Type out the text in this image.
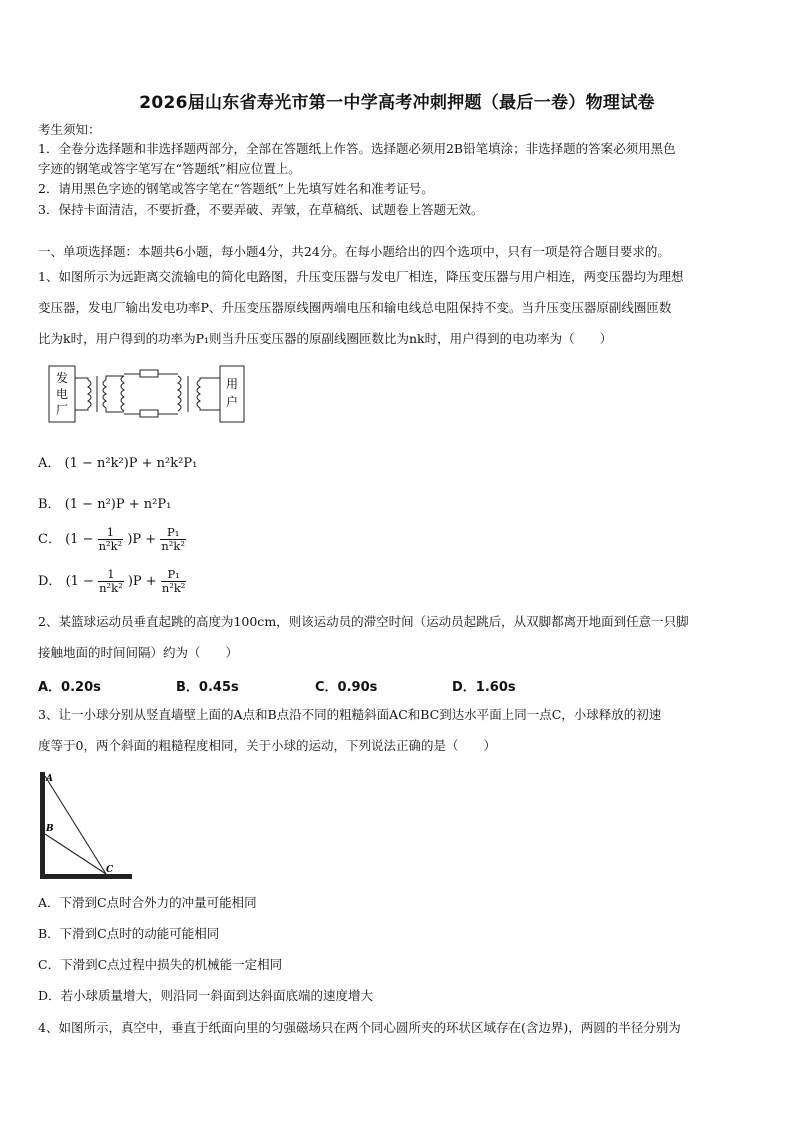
2026届山东省寿光市第一中学高考冲刺押题（最后一卷）物理试卷
考生须知：
1．全卷分选择题和非选择题两部分，全部在答题纸上作答。选择题必须用2B铅笔填涂；非选择题的答案必须用黑色
字迹的钢笔或答字笔写在“答题纸”相应位置上。
2．请用黑色字迹的钢笔或答字笔在“答题纸”上先填写姓名和准考证号。
3．保持卡面清洁，不要折叠，不要弄破、弄皱，在草稿纸、试题卷上答题无效。
一、单项选择题：本题共6小题，每小题4分，共24分。在每小题给出的四个选项中，只有一项是符合题目要求的。
1、如图所示为远距离交流输电的简化电路图，升压变压器与发电厂相连，降压变压器与用户相连，两变压器均为理想
变压器，发电厂输出发电功率P、升压变压器原线圈两端电压和输电线总电阻保持不变。当升压变压器原副线圈匝数
比为k时，用户得到的功率为P₁则当升压变压器的原副线圈匝数比为nk时，用户得到的电功率为（　　）
发
电
厂
用
户
A． (1 − n²k²)P + n²k²P₁
B． (1 − n²)P + n²P₁
C． $(1 - \frac{1}{\text{n²k²}} )P + \frac{\text{P₁}}{\text{n²k²}}$
D． $(1 - \frac{1}{\text{n²k²}} )P + \frac{\text{P₁}}{\text{n²k²}}$
2、某篮球运动员垂直起跳的高度为100cm，则该运动员的滞空时间（运动员起跳后，从双脚都离开地面到任意一只脚
接触地面的时间间隔）约为（　　）
A．0.20s	B．0.45s	C．0.90s	D．1.60s
3、让一小球分别从竖直墙壁上面的A点和B点沿不同的粗糙斜面AC和BC到达水平面上同一点C，小球释放的初速
度等于0，两个斜面的粗糙程度相同，关于小球的运动，下列说法正确的是（　　）
A
B
C
A．下滑到C点时合外力的冲量可能相同
B．下滑到C点时的动能可能相同
C．下滑到C点过程中损失的机械能一定相同
D．若小球质量增大，则沿同一斜面到达斜面底端的速度增大
4、如图所示，真空中，垂直于纸面向里的匀强磁场只在两个同心圆所夹的环状区域存在(含边界)，两圆的半径分别为
